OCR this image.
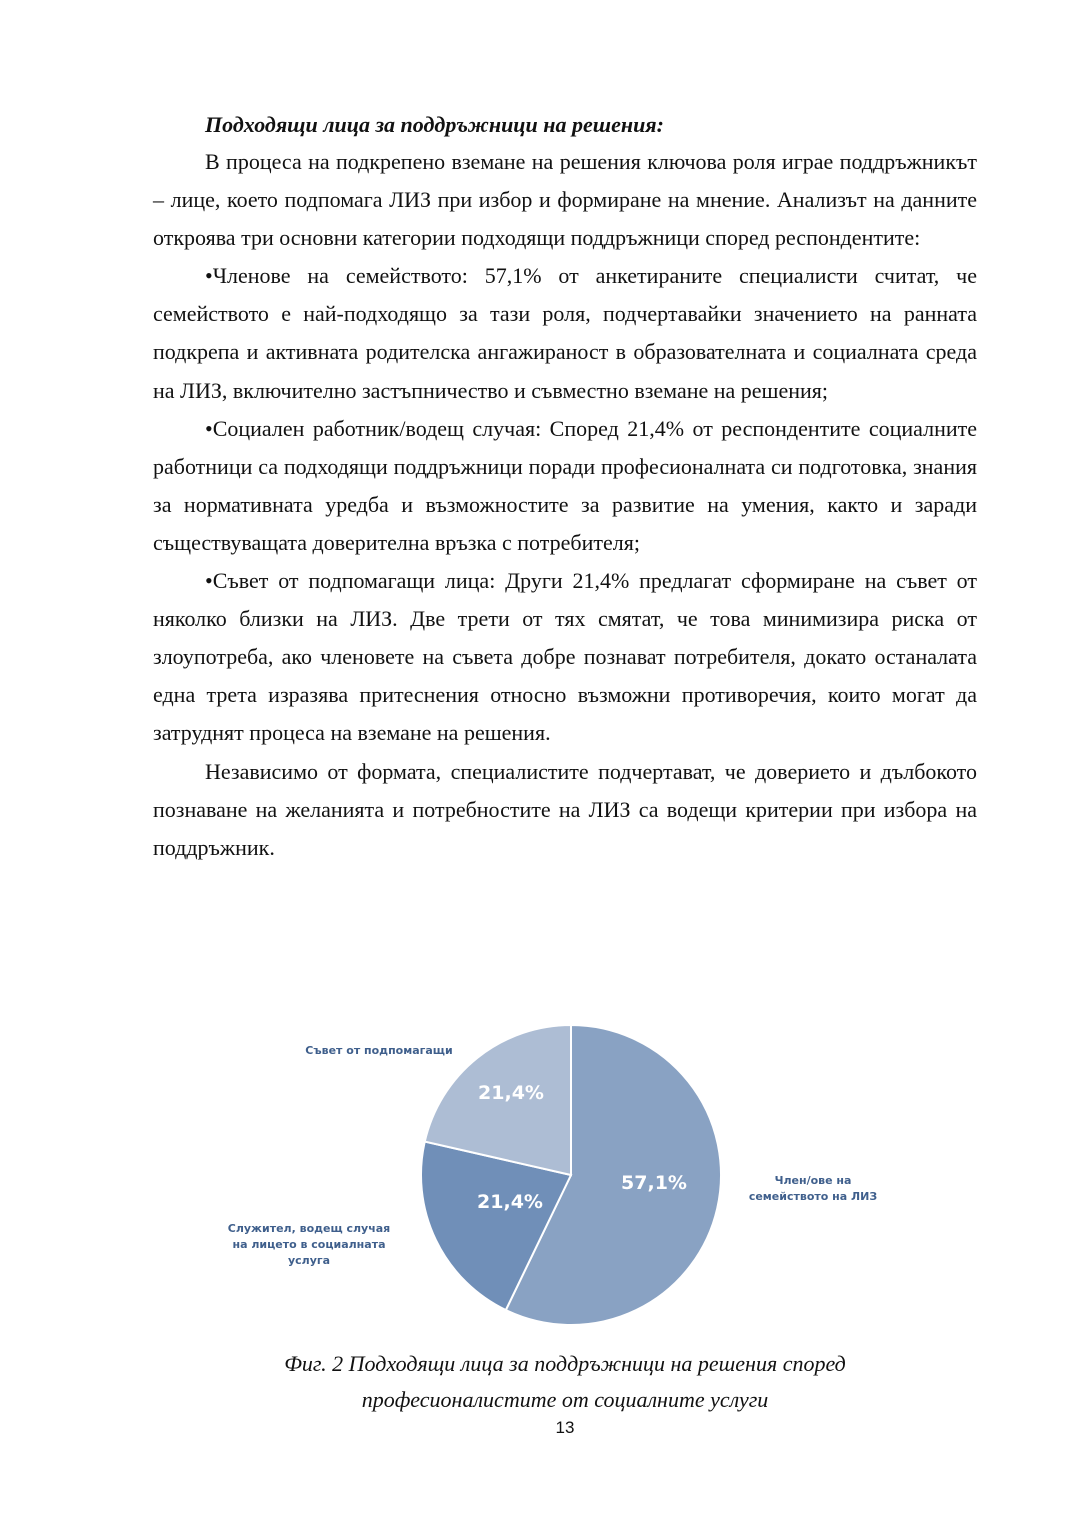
Подходящи лица за поддръжници на решения:

В процеса на подкрепено вземане на решения ключова роля играе поддръжникът – лице, което подпомага ЛИЗ при избор и формиране на мнение. Анализът на данните откроява три основни категории подходящи поддръжници според респондентите:

•Членове на семейството: 57,1% от анкетираните специалисти считат, че семейството е най-подходящо за тази роля, подчертавайки значението на ранната подкрепа и активната родителска ангажираност в образователната и социалната среда на ЛИЗ, включително застъпничество и съвместно вземане на решения;

•Социален работник/водещ случая: Според 21,4% от респондентите социалните работници са подходящи поддръжници поради професионалната си подготовка, знания за нормативната уредба и възможностите за развитие на умения, както и заради съществуващата доверителна връзка с потребителя;

•Съвет от подпомагащи лица: Други 21,4% предлагат сформиране на съвет от няколко близки на ЛИЗ. Две трети от тях смятат, че това минимизира риска от злоупотреба, ако членовете на съвета добре познават потребителя, докато останалата една трета изразява притеснения относно възможни противоречия, които могат да затруднят процеса на вземане на решения.

Независимо от формата, специалистите подчертават, че доверието и дълбокото познаване на желанията и потребностите на ЛИЗ са водещи критерии при избора на поддръжник.

57,1%	Член/ове на семейството на ЛИЗ
21,4%
Служител, водещ случая на лицето в социалната услуга
21,4%
Съвет от подпомагащи
Фиг. 2 Подходящи лица за поддръжници на решения според
професионалистите от социалните услуги
13
